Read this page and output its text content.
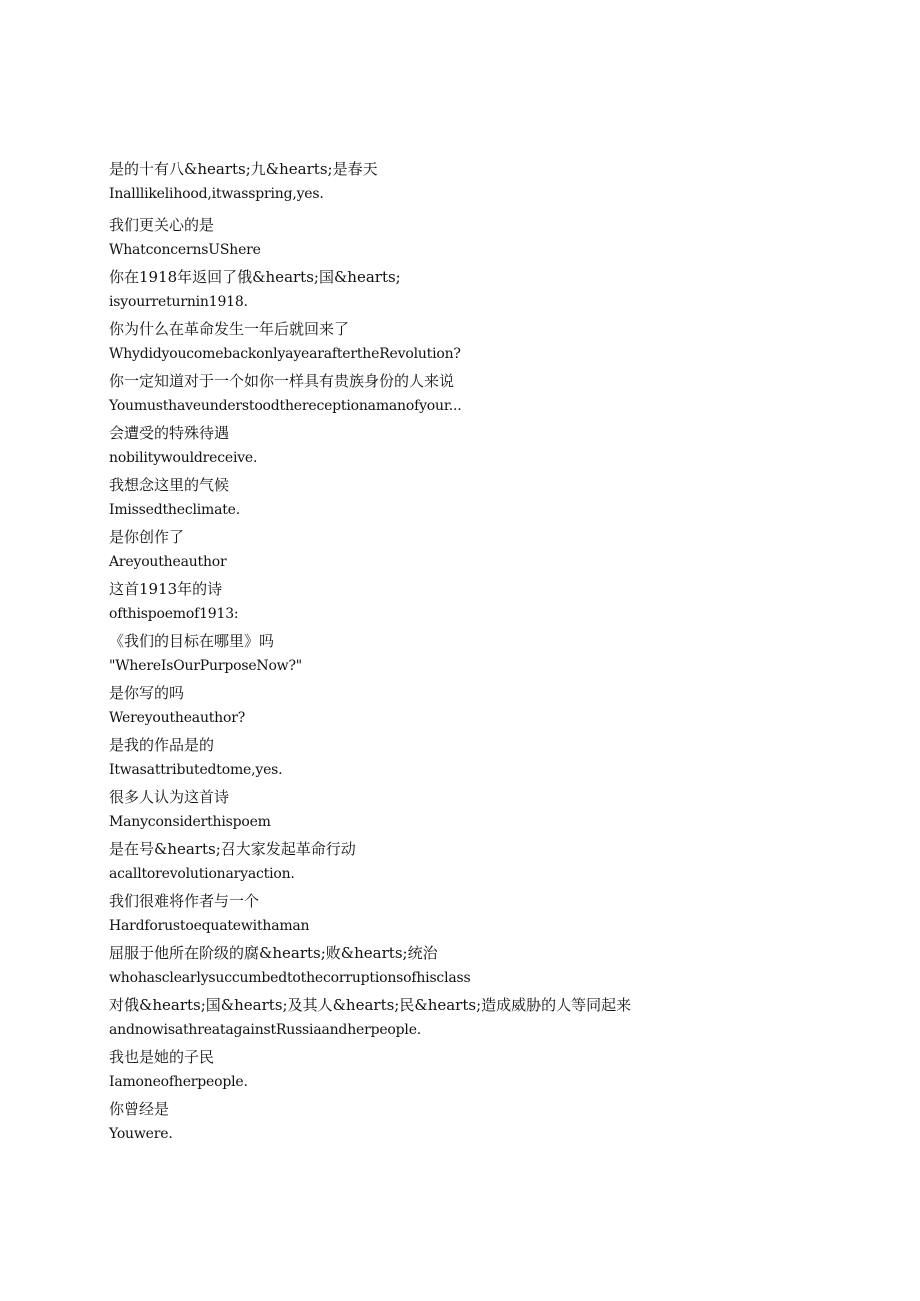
是的十有八&hearts;九&hearts;是春天
Inalllikelihood,itwasspring,yes.
我们更关心的是
WhatconcernsUShere
你在1918年返回了俄&hearts;国&hearts;
isyourreturnin1918.
你为什么在革命发生一年后就回来了
WhydidyoucomebackonlyayearaftertheRevolution?
你一定知道对于一个如你一样具有贵族身份的人来说
Youmusthaveunderstoodthereceptionamanofyour...
会遭受的特殊待遇
nobilitywouldreceive.
我想念这里的气候
Imissedtheclimate.
是你创作了
Areyoutheauthor
这首1913年的诗
ofthispoemof1913:
《我们的目标在哪里》吗
"WhereIsOurPurposeNow?"
是你写的吗
Wereyoutheauthor?
是我的作品是的
Itwasattributedtome,yes.
很多人认为这首诗
Manyconsiderthispoem
是在号&hearts;召大家发起革命行动
acalltorevolutionaryaction.
我们很难将作者与一个
Hardforustoequatewithaman
屈服于他所在阶级的腐&hearts;败&hearts;统治
whohasclearlysuccumbedtothecorruptionsofhisclass
对俄&hearts;国&hearts;及其人&hearts;民&hearts;造成威胁的人等同起来
andnowisathreatagainstRussiaandherpeople.
我也是她的子民
Iamoneofherpeople.
你曾经是
Youwere.
